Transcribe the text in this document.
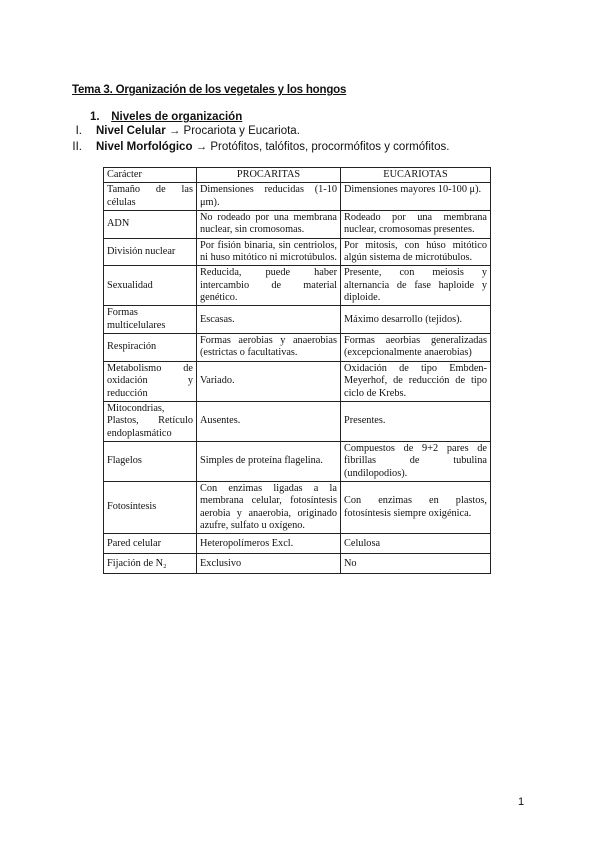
Tema 3. Organización de los vegetales y los hongos
1. Niveles de organización
I. Nivel Celular → Procariota y Eucariota.
II. Nivel Morfológico → Protófitos, talófitos, procormófitos y cormófitos.
Carácter	PROCARITAS	EUCARIOTAS
Tamaño de las células	Dimensiones reducidas (1-10 μm).	Dimensiones mayores 10-100 μ).
ADN	No rodeado por una membrana nuclear, sin cromosomas.	Rodeado por una membrana nuclear, cromosomas presentes.
División nuclear	Por fisión binaria, sin centriolos, ni huso mitótico ni microtúbulos.	Por mitosis, con húso mitótico algún sistema de microtúbulos.
Sexualidad	Reducida, puede haber intercambio de material genético.	Presente, con meiosis y alternancia de fase haploide y diploide.
Formas multicelulares	Escasas.	Máximo desarrollo (tejidos).
Respiración	Formas aerobias y anaerobias (estrictas o facultativas.	Formas aeorbias generalizadas (excepcionalmente anaerobias)
Metabolismo de oxidación y reducción	Variado.	Oxidación de tipo Embden-Meyerhof, de reducción de tipo ciclo de Krebs.
Mitocondrias, Plastos, Retículo endoplasmático	Ausentes.	Presentes.
Flagelos	Simples de proteína flagelina.	Compuestos de 9+2 pares de fibrillas de tubulina (undilopodios).
Fotosíntesis	Con enzimas ligadas a la membrana celular, fotosíntesis aerobia y anaerobia, originado azufre, sulfato u oxígeno.	Con enzimas en plastos, fotosíntesis siempre oxigénica.
Pared celular	Heteropolímeros Excl.	Celulosa
Fijación de N₂	Exclusivo	No
1
